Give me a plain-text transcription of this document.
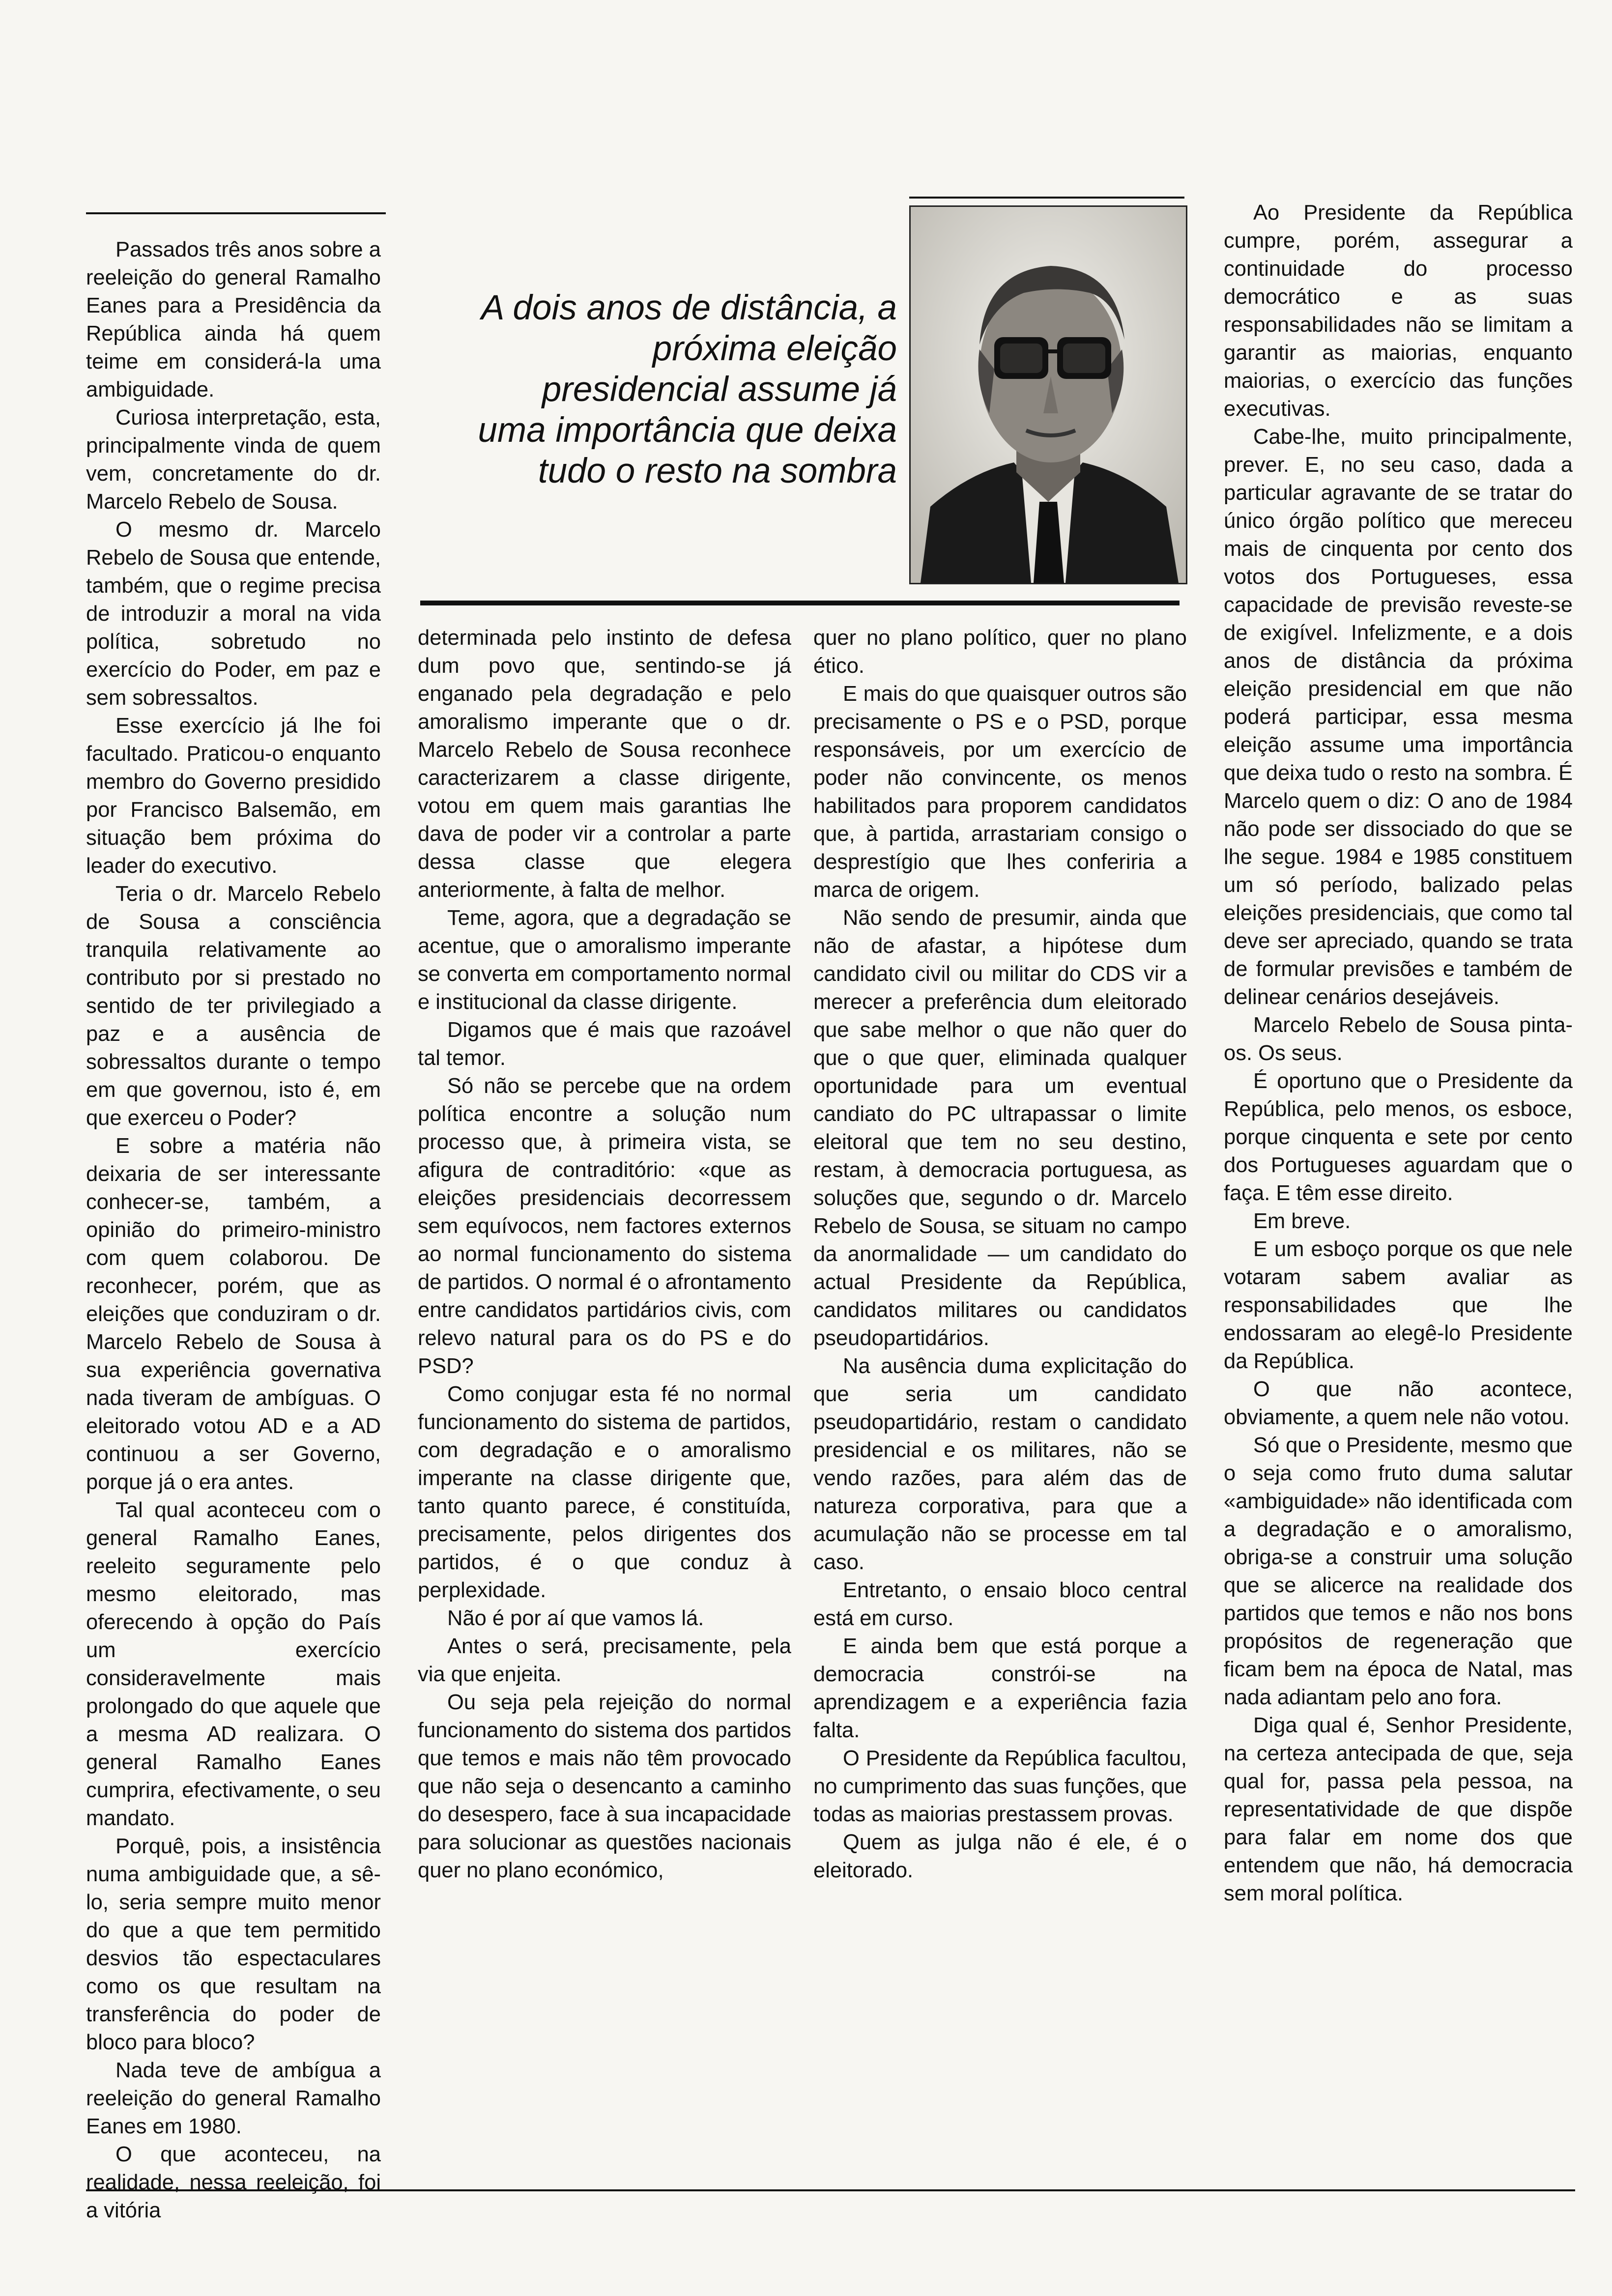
A dois anos de distância, a
próxima eleição
presidencial assume já
uma importância que deixa
tudo o resto na sombra

Passados três anos sobre a reeleição do general Ramalho Eanes para a Presidência da República ainda há quem teime em considerá-la uma ambiguidade.

Curiosa interpretação, esta, principalmente vinda de quem vem, concretamente do dr. Marcelo Rebelo de Sousa.

O mesmo dr. Marcelo Rebelo de Sousa que entende, também, que o regime precisa de introduzir a moral na vida política, sobretudo no exercício do Poder, em paz e sem sobressaltos.

Esse exercício já lhe foi facultado. Praticou-o enquanto membro do Governo presidido por Francisco Balsemão, em situação bem próxima do leader do executivo.

Teria o dr. Marcelo Rebelo de Sousa a consciência tranquila relativamente ao contributo por si prestado no sentido de ter privilegiado a paz e a ausência de sobressaltos durante o tempo em que governou, isto é, em que exerceu o Poder?

E sobre a matéria não deixaria de ser interessante conhecer-se, também, a opinião do primeiro-ministro com quem colaborou. De reconhecer, porém, que as eleições que conduziram o dr. Marcelo Rebelo de Sousa à sua experiência governativa nada tiveram de ambíguas. O eleitorado votou AD e a AD continuou a ser Governo, porque já o era antes.

Tal qual aconteceu com o general Ramalho Eanes, reeleito seguramente pelo mesmo eleitorado, mas oferecendo à opção do País um exercício consideravelmente mais prolongado do que aquele que a mesma AD realizara. O general Ramalho Eanes cumprira, efectivamente, o seu mandato.

Porquê, pois, a insistência numa ambiguidade que, a sê-lo, seria sempre muito menor do que a que tem permitido desvios tão espectaculares como os que resultam na transferência do poder de bloco para bloco?

Nada teve de ambígua a reeleição do general Ramalho Eanes em 1980.

O que aconteceu, na realidade, nessa reeleição, foi a vitória

determinada pelo instinto de defesa dum povo que, sentindo-se já enganado pela degradação e pelo amoralismo imperante que o dr. Marcelo Rebelo de Sousa reconhece caracterizarem a classe dirigente, votou em quem mais garantias lhe dava de poder vir a controlar a parte dessa classe que elegera anteriormente, à falta de melhor.

Teme, agora, que a degradação se acentue, que o amoralismo imperante se converta em comportamento normal e institucional da classe dirigente.

Digamos que é mais que razoável tal temor.

Só não se percebe que na ordem política encontre a solução num processo que, à primeira vista, se afigura de contraditório: «que as eleições presidenciais decorressem sem equívocos, nem factores externos ao normal funcionamento do sistema de partidos. O normal é o afrontamento entre candidatos partidários civis, com relevo natural para os do PS e do PSD?

Como conjugar esta fé no normal funcionamento do sistema de partidos, com degradação e o amoralismo imperante na classe dirigente que, tanto quanto parece, é constituída, precisamente, pelos dirigentes dos partidos, é o que conduz à perplexidade.

Não é por aí que vamos lá.

Antes o será, precisamente, pela via que enjeita.

Ou seja pela rejeição do normal funcionamento do sistema dos partidos que temos e mais não têm provocado que não seja o desencanto a caminho do desespero, face à sua incapacidade para solucionar as questões nacionais quer no plano económico,

quer no plano político, quer no plano ético.

E mais do que quaisquer outros são precisamente o PS e o PSD, porque responsáveis, por um exercício de poder não convincente, os menos habilitados para proporem candidatos que, à partida, arrastariam consigo o desprestígio que lhes conferiria a marca de origem.

Não sendo de presumir, ainda que não de afastar, a hipótese dum candidato civil ou militar do CDS vir a merecer a preferência dum eleitorado que sabe melhor o que não quer do que o que quer, eliminada qualquer oportunidade para um eventual candiato do PC ultrapassar o limite eleitoral que tem no seu destino, restam, à democracia portuguesa, as soluções que, segundo o dr. Marcelo Rebelo de Sousa, se situam no campo da anormalidade — um candidato do actual Presidente da República, candidatos militares ou candidatos pseudopartidários.

Na ausência duma explicitação do que seria um candidato pseudopartidário, restam o candidato presidencial e os militares, não se vendo razões, para além das de natureza corporativa, para que a acumulação não se processe em tal caso.

Entretanto, o ensaio bloco central está em curso.

E ainda bem que está porque a democracia constrói-se na aprendizagem e a experiência fazia falta.

O Presidente da República facultou, no cumprimento das suas funções, que todas as maiorias prestassem provas.

Quem as julga não é ele, é o eleitorado.

Ao Presidente da República cumpre, porém, assegurar a continuidade do processo democrático e as suas responsabilidades não se limitam a garantir as maiorias, enquanto maiorias, o exercício das funções executivas.

Cabe-lhe, muito principalmente, prever. E, no seu caso, dada a particular agravante de se tratar do único órgão político que mereceu mais de cinquenta por cento dos votos dos Portugueses, essa capacidade de previsão reveste-se de exigível. Infelizmente, e a dois anos de distância da próxima eleição presidencial em que não poderá participar, essa mesma eleição assume uma importância que deixa tudo o resto na sombra. É Marcelo quem o diz: O ano de 1984 não pode ser dissociado do que se lhe segue. 1984 e 1985 constituem um só período, balizado pelas eleições presidenciais, que como tal deve ser apreciado, quando se trata de formular previsões e também de delinear cenários desejáveis.

Marcelo Rebelo de Sousa pinta-os. Os seus.

É oportuno que o Presidente da República, pelo menos, os esboce, porque cinquenta e sete por cento dos Portugueses aguardam que o faça. E têm esse direito.

Em breve.

E um esboço porque os que nele votaram sabem avaliar as responsabilidades que lhe endossaram ao elegê-lo Presidente da República.

O que não acontece, obviamente, a quem nele não votou.

Só que o Presidente, mesmo que o seja como fruto duma salutar «ambiguidade» não identificada com a degradação e o amoralismo, obriga-se a construir uma solução que se alicerce na realidade dos partidos que temos e não nos bons propósitos de regeneração que ficam bem na época de Natal, mas nada adiantam pelo ano fora.

Diga qual é, Senhor Presidente, na certeza antecipada de que, seja qual for, passa pela pessoa, na representatividade de que dispõe para falar em nome dos que entendem que não, há democracia sem moral política.
